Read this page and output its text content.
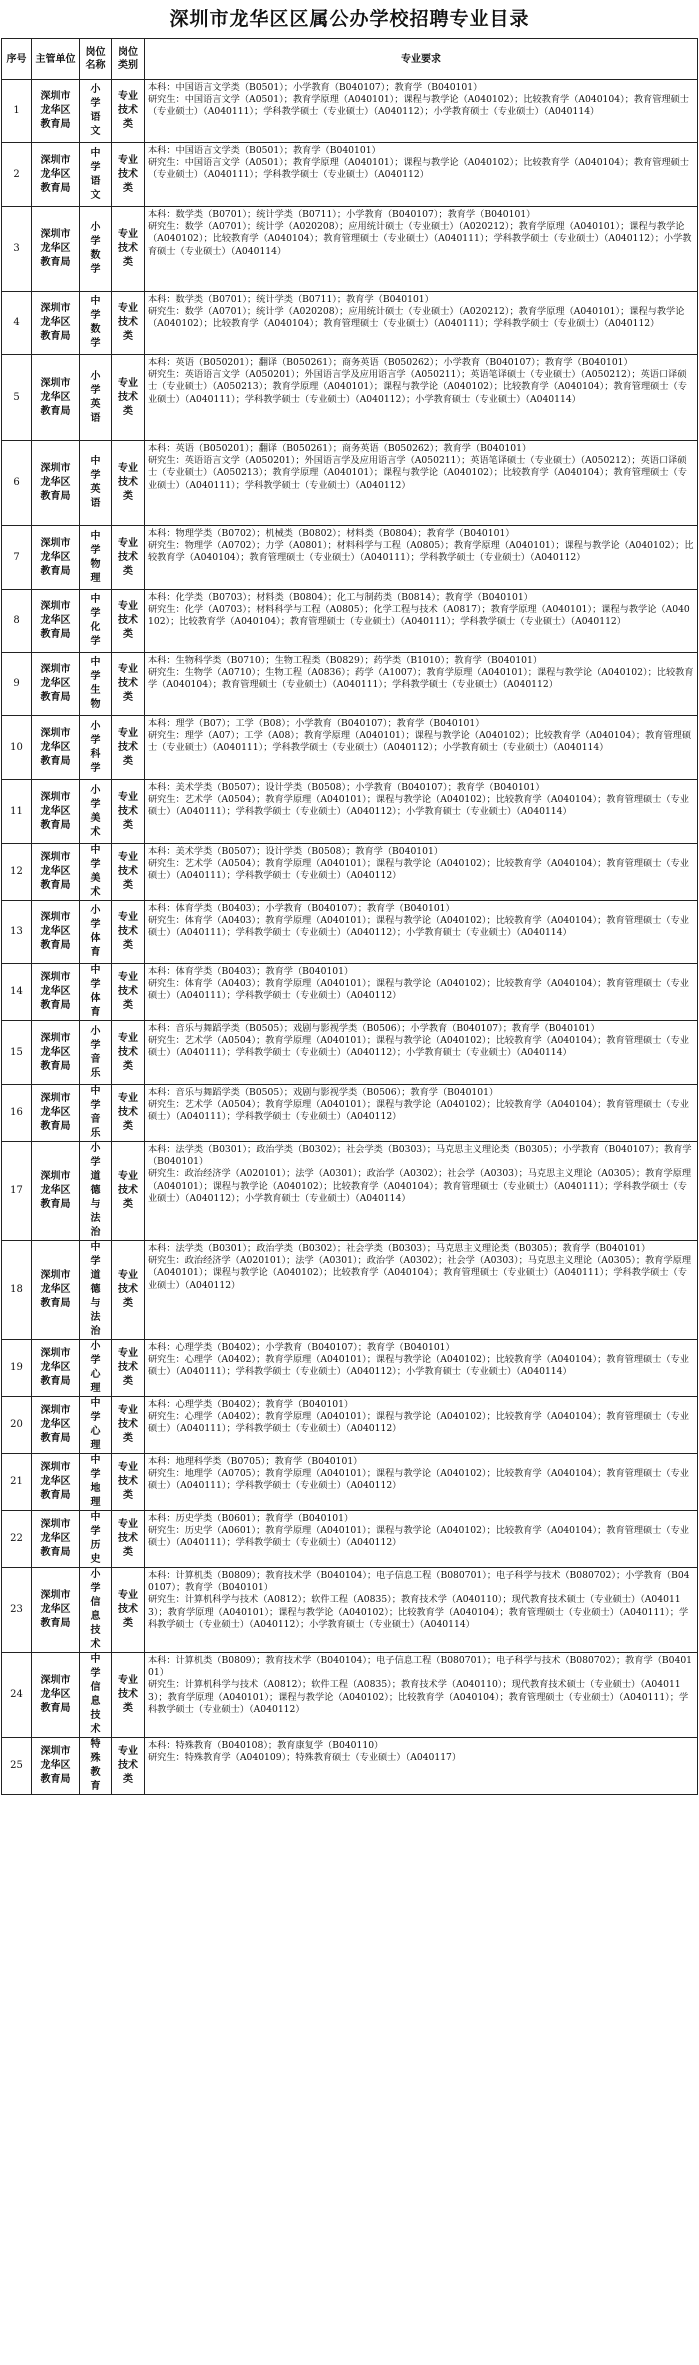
深圳市龙华区区属公办学校招聘专业目录
序号	主管单位	岗位名称	岗位类别	专业要求
1	深圳市龙华区教育局	小学语文	专业技术类	本科：中国语言文学类（B0501）；小学教育（B040107）；教育学（B040101）
研究生：中国语言文学（A0501）；教育学原理（A040101）；课程与教学论（A040102）；比较教育学（A040104）；教育管理硕士（专业硕士）（A040111）；学科教学硕士（专业硕士）（A040112）；小学教育硕士（专业硕士）（A040114）

2	深圳市龙华区教育局	中学语文	专业技术类	本科：中国语言文学类（B0501）；教育学（B040101）
研究生：中国语言文学（A0501）；教育学原理（A040101）；课程与教学论（A040102）；比较教育学（A040104）；教育管理硕士（专业硕士）（A040111）；学科教学硕士（专业硕士）（A040112）

3	深圳市龙华区教育局	小学数学	专业技术类	本科：数学类（B0701）；统计学类（B0711）；小学教育（B040107）；教育学（B040101）
研究生：数学（A0701）；统计学（A020208）；应用统计硕士（专业硕士）（A020212）；教育学原理（A040101）；课程与教学论（A040102）；比较教育学（A040104）；教育管理硕士（专业硕士）（A040111）；学科教学硕士（专业硕士）（A040112）；小学教育硕士（专业硕士）（A040114）

4	深圳市龙华区教育局	中学数学	专业技术类	本科：数学类（B0701）；统计学类（B0711）；教育学（B040101）
研究生：数学（A0701）；统计学（A020208）；应用统计硕士（专业硕士）（A020212）；教育学原理（A040101）；课程与教学论（A040102）；比较教育学（A040104）；教育管理硕士（专业硕士）（A040111）；学科教学硕士（专业硕士）（A040112）

5	深圳市龙华区教育局	小学英语	专业技术类	本科：英语（B050201）；翻译（B050261）；商务英语（B050262）；小学教育（B040107）；教育学（B040101）
研究生：英语语言文学（A050201）；外国语言学及应用语言学（A050211）；英语笔译硕士（专业硕士）（A050212）；英语口译硕士（专业硕士）（A050213）；教育学原理（A040101）；课程与教学论（A040102）；比较教育学（A040104）；教育管理硕士（专业硕士）（A040111）；学科教学硕士（专业硕士）（A040112）；小学教育硕士（专业硕士）（A040114）

6	深圳市龙华区教育局	中学英语	专业技术类	本科：英语（B050201）；翻译（B050261）；商务英语（B050262）；教育学（B040101）
研究生：英语语言文学（A050201）；外国语言学及应用语言学（A050211）；英语笔译硕士（专业硕士）（A050212）；英语口译硕士（专业硕士）（A050213）；教育学原理（A040101）；课程与教学论（A040102）；比较教育学（A040104）；教育管理硕士（专业硕士）（A040111）；学科教学硕士（专业硕士）（A040112）

7	深圳市龙华区教育局	中学物理	专业技术类	本科：物理学类（B0702）；机械类（B0802）；材料类（B0804）；教育学（B040101）
研究生：物理学（A0702）；力学（A0801）；材料科学与工程（A0805）；教育学原理（A040101）；课程与教学论（A040102）；比较教育学（A040104）；教育管理硕士（专业硕士）（A040111）；学科教学硕士（专业硕士）（A040112）

8	深圳市龙华区教育局	中学化学	专业技术类	本科：化学类（B0703）；材料类（B0804）；化工与制药类（B0814）；教育学（B040101）
研究生：化学（A0703）；材料科学与工程（A0805）；化学工程与技术（A0817）；教育学原理（A040101）；课程与教学论（A040102）；比较教育学（A040104）；教育管理硕士（专业硕士）（A040111）；学科教学硕士（专业硕士）（A040112）

9	深圳市龙华区教育局	中学生物	专业技术类	本科：生物科学类（B0710）；生物工程类（B0829）；药学类（B1010）；教育学（B040101）
研究生：生物学（A0710）；生物工程（A0836）；药学（A1007）；教育学原理（A040101）；课程与教学论（A040102）；比较教育学（A040104）；教育管理硕士（专业硕士）（A040111）；学科教学硕士（专业硕士）（A040112）

10	深圳市龙华区教育局	小学科学	专业技术类	本科：理学（B07）；工学（B08）；小学教育（B040107）；教育学（B040101）
研究生：理学（A07）；工学（A08）；教育学原理（A040101）；课程与教学论（A040102）；比较教育学（A040104）；教育管理硕士（专业硕士）（A040111）；学科教学硕士（专业硕士）（A040112）；小学教育硕士（专业硕士）（A040114）

11	深圳市龙华区教育局	小学美术	专业技术类	本科：美术学类（B0507）；设计学类（B0508）；小学教育（B040107）；教育学（B040101）
研究生：艺术学（A0504）；教育学原理（A040101）；课程与教学论（A040102）；比较教育学（A040104）；教育管理硕士（专业硕士）（A040111）；学科教学硕士（专业硕士）（A040112）；小学教育硕士（专业硕士）（A040114）

12	深圳市龙华区教育局	中学美术	专业技术类	本科：美术学类（B0507）；设计学类（B0508）；教育学（B040101）
研究生：艺术学（A0504）；教育学原理（A040101）；课程与教学论（A040102）；比较教育学（A040104）；教育管理硕士（专业硕士）（A040111）；学科教学硕士（专业硕士）（A040112）

13	深圳市龙华区教育局	小学体育	专业技术类	本科：体育学类（B0403）；小学教育（B040107）；教育学（B040101）
研究生：体育学（A0403）；教育学原理（A040101）；课程与教学论（A040102）；比较教育学（A040104）；教育管理硕士（专业硕士）（A040111）；学科教学硕士（专业硕士）（A040112）；小学教育硕士（专业硕士）（A040114）

14	深圳市龙华区教育局	中学体育	专业技术类	本科：体育学类（B0403）；教育学（B040101）
研究生：体育学（A0403）；教育学原理（A040101）；课程与教学论（A040102）；比较教育学（A040104）；教育管理硕士（专业硕士）（A040111）；学科教学硕士（专业硕士）（A040112）

15	深圳市龙华区教育局	小学音乐	专业技术类	本科：音乐与舞蹈学类（B0505）；戏剧与影视学类（B0506）；小学教育（B040107）；教育学（B040101）
研究生：艺术学（A0504）；教育学原理（A040101）；课程与教学论（A040102）；比较教育学（A040104）；教育管理硕士（专业硕士）（A040111）；学科教学硕士（专业硕士）（A040112）；小学教育硕士（专业硕士）（A040114）

16	深圳市龙华区教育局	中学音乐	专业技术类	本科：音乐与舞蹈学类（B0505）；戏剧与影视学类（B0506）；教育学（B040101）
研究生：艺术学（A0504）；教育学原理（A040101）；课程与教学论（A040102）；比较教育学（A040104）；教育管理硕士（专业硕士）（A040111）；学科教学硕士（专业硕士）（A040112）

17	深圳市龙华区教育局	小学道德与法治	专业技术类	本科：法学类（B0301）；政治学类（B0302）；社会学类（B0303）；马克思主义理论类（B0305）；小学教育（B040107）；教育学（B040101）
研究生：政治经济学（A020101）；法学（A0301）；政治学（A0302）；社会学（A0303）；马克思主义理论（A0305）；教育学原理（A040101）；课程与教学论（A040102）；比较教育学（A040104）；教育管理硕士（专业硕士）（A040111）；学科教学硕士（专业硕士）（A040112）；小学教育硕士（专业硕士）（A040114）

18	深圳市龙华区教育局	中学道德与法治	专业技术类	本科：法学类（B0301）；政治学类（B0302）；社会学类（B0303）；马克思主义理论类（B0305）；教育学（B040101）
研究生：政治经济学（A020101）；法学（A0301）；政治学（A0302）；社会学（A0303）；马克思主义理论（A0305）；教育学原理（A040101）；课程与教学论（A040102）；比较教育学（A040104）；教育管理硕士（专业硕士）（A040111）；学科教学硕士（专业硕士）（A040112）

19	深圳市龙华区教育局	小学心理	专业技术类	本科：心理学类（B0402）；小学教育（B040107）；教育学（B040101）
研究生：心理学（A0402）；教育学原理（A040101）；课程与教学论（A040102）；比较教育学（A040104）；教育管理硕士（专业硕士）（A040111）；学科教学硕士（专业硕士）（A040112）；小学教育硕士（专业硕士）（A040114）

20	深圳市龙华区教育局	中学心理	专业技术类	本科：心理学类（B0402）；教育学（B040101）
研究生：心理学（A0402）；教育学原理（A040101）；课程与教学论（A040102）；比较教育学（A040104）；教育管理硕士（专业硕士）（A040111）；学科教学硕士（专业硕士）（A040112）

21	深圳市龙华区教育局	中学地理	专业技术类	本科：地理科学类（B0705）；教育学（B040101）
研究生：地理学（A0705）；教育学原理（A040101）；课程与教学论（A040102）；比较教育学（A040104）；教育管理硕士（专业硕士）（A040111）；学科教学硕士（专业硕士）（A040112）

22	深圳市龙华区教育局	中学历史	专业技术类	本科：历史学类（B0601）；教育学（B040101）
研究生：历史学（A0601）；教育学原理（A040101）；课程与教学论（A040102）；比较教育学（A040104）；教育管理硕士（专业硕士）（A040111）；学科教学硕士（专业硕士）（A040112）

23	深圳市龙华区教育局	小学信息技术	专业技术类	本科：计算机类（B0809）；教育技术学（B040104）；电子信息工程（B080701）；电子科学与技术（B080702）；小学教育（B040107）；教育学（B040101）
研究生：计算机科学与技术（A0812）；软件工程（A0835）；教育技术学（A040110）；现代教育技术硕士（专业硕士）（A040113）；教育学原理（A040101）；课程与教学论（A040102）；比较教育学（A040104）；教育管理硕士（专业硕士）（A040111）；学科教学硕士（专业硕士）（A040112）；小学教育硕士（专业硕士）（A040114）

24	深圳市龙华区教育局	中学信息技术	专业技术类	本科：计算机类（B0809）；教育技术学（B040104）；电子信息工程（B080701）；电子科学与技术（B080702）；教育学（B040101）
研究生：计算机科学与技术（A0812）；软件工程（A0835）；教育技术学（A040110）；现代教育技术硕士（专业硕士）（A040113）；教育学原理（A040101）；课程与教学论（A040102）；比较教育学（A040104）；教育管理硕士（专业硕士）（A040111）；学科教学硕士（专业硕士）（A040112）

25	深圳市龙华区教育局	特殊教育	专业技术类	本科：特殊教育（B040108）；教育康复学（B040110）
研究生：特殊教育学（A040109）；特殊教育硕士（专业硕士）（A040117）
